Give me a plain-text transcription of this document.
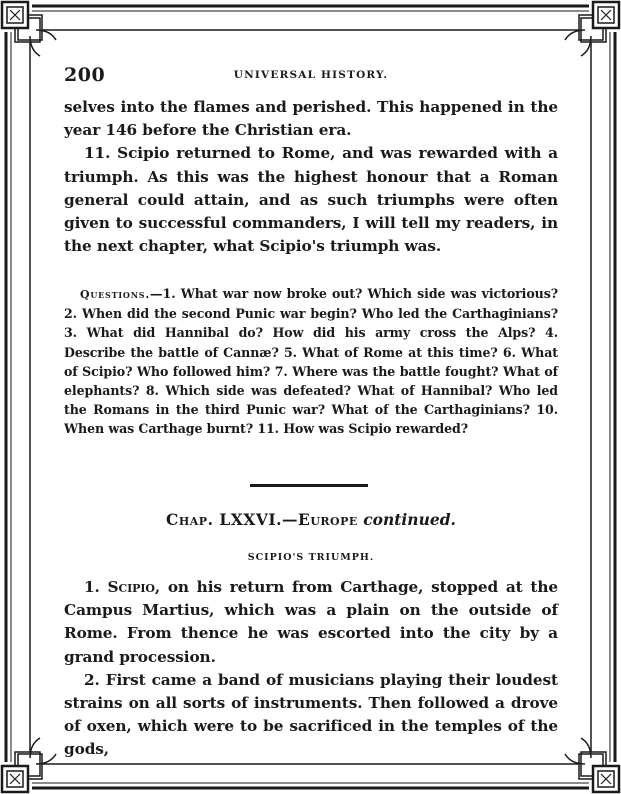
200	UNIVERSAL HISTORY.

selves into the flames and perished. This happened in the year 146 before the Christian era.

11. Scipio returned to Rome, and was rewarded with a triumph. As this was the highest honour that a Roman general could attain, and as such triumphs were often given to successful commanders, I will tell my readers, in the next chapter, what Scipio's triumph was.

Questions.—1. What war now broke out? Which side was victorious? 2. When did the second Punic war begin? Who led the Carthaginians? 3. What did Hannibal do? How did his army cross the Alps? 4. Describe the battle of Cannæ? 5. What of Rome at this time? 6. What of Scipio? Who followed him? 7. Where was the battle fought? What of elephants? 8. Which side was defeated? What of Hannibal? Who led the Romans in the third Punic war? What of the Carthaginians? 10. When was Carthage burnt? 11. How was Scipio rewarded?

Chap. LXXVI.—Europe continued.
SCIPIO'S TRIUMPH.

1. Scipio, on his return from Carthage, stopped at the Campus Martius, which was a plain on the outside of Rome. From thence he was escorted into the city by a grand procession.

2. First came a band of musicians playing their loudest strains on all sorts of instruments. Then followed a drove of oxen, which were to be sacrificed in the temples of the gods,
